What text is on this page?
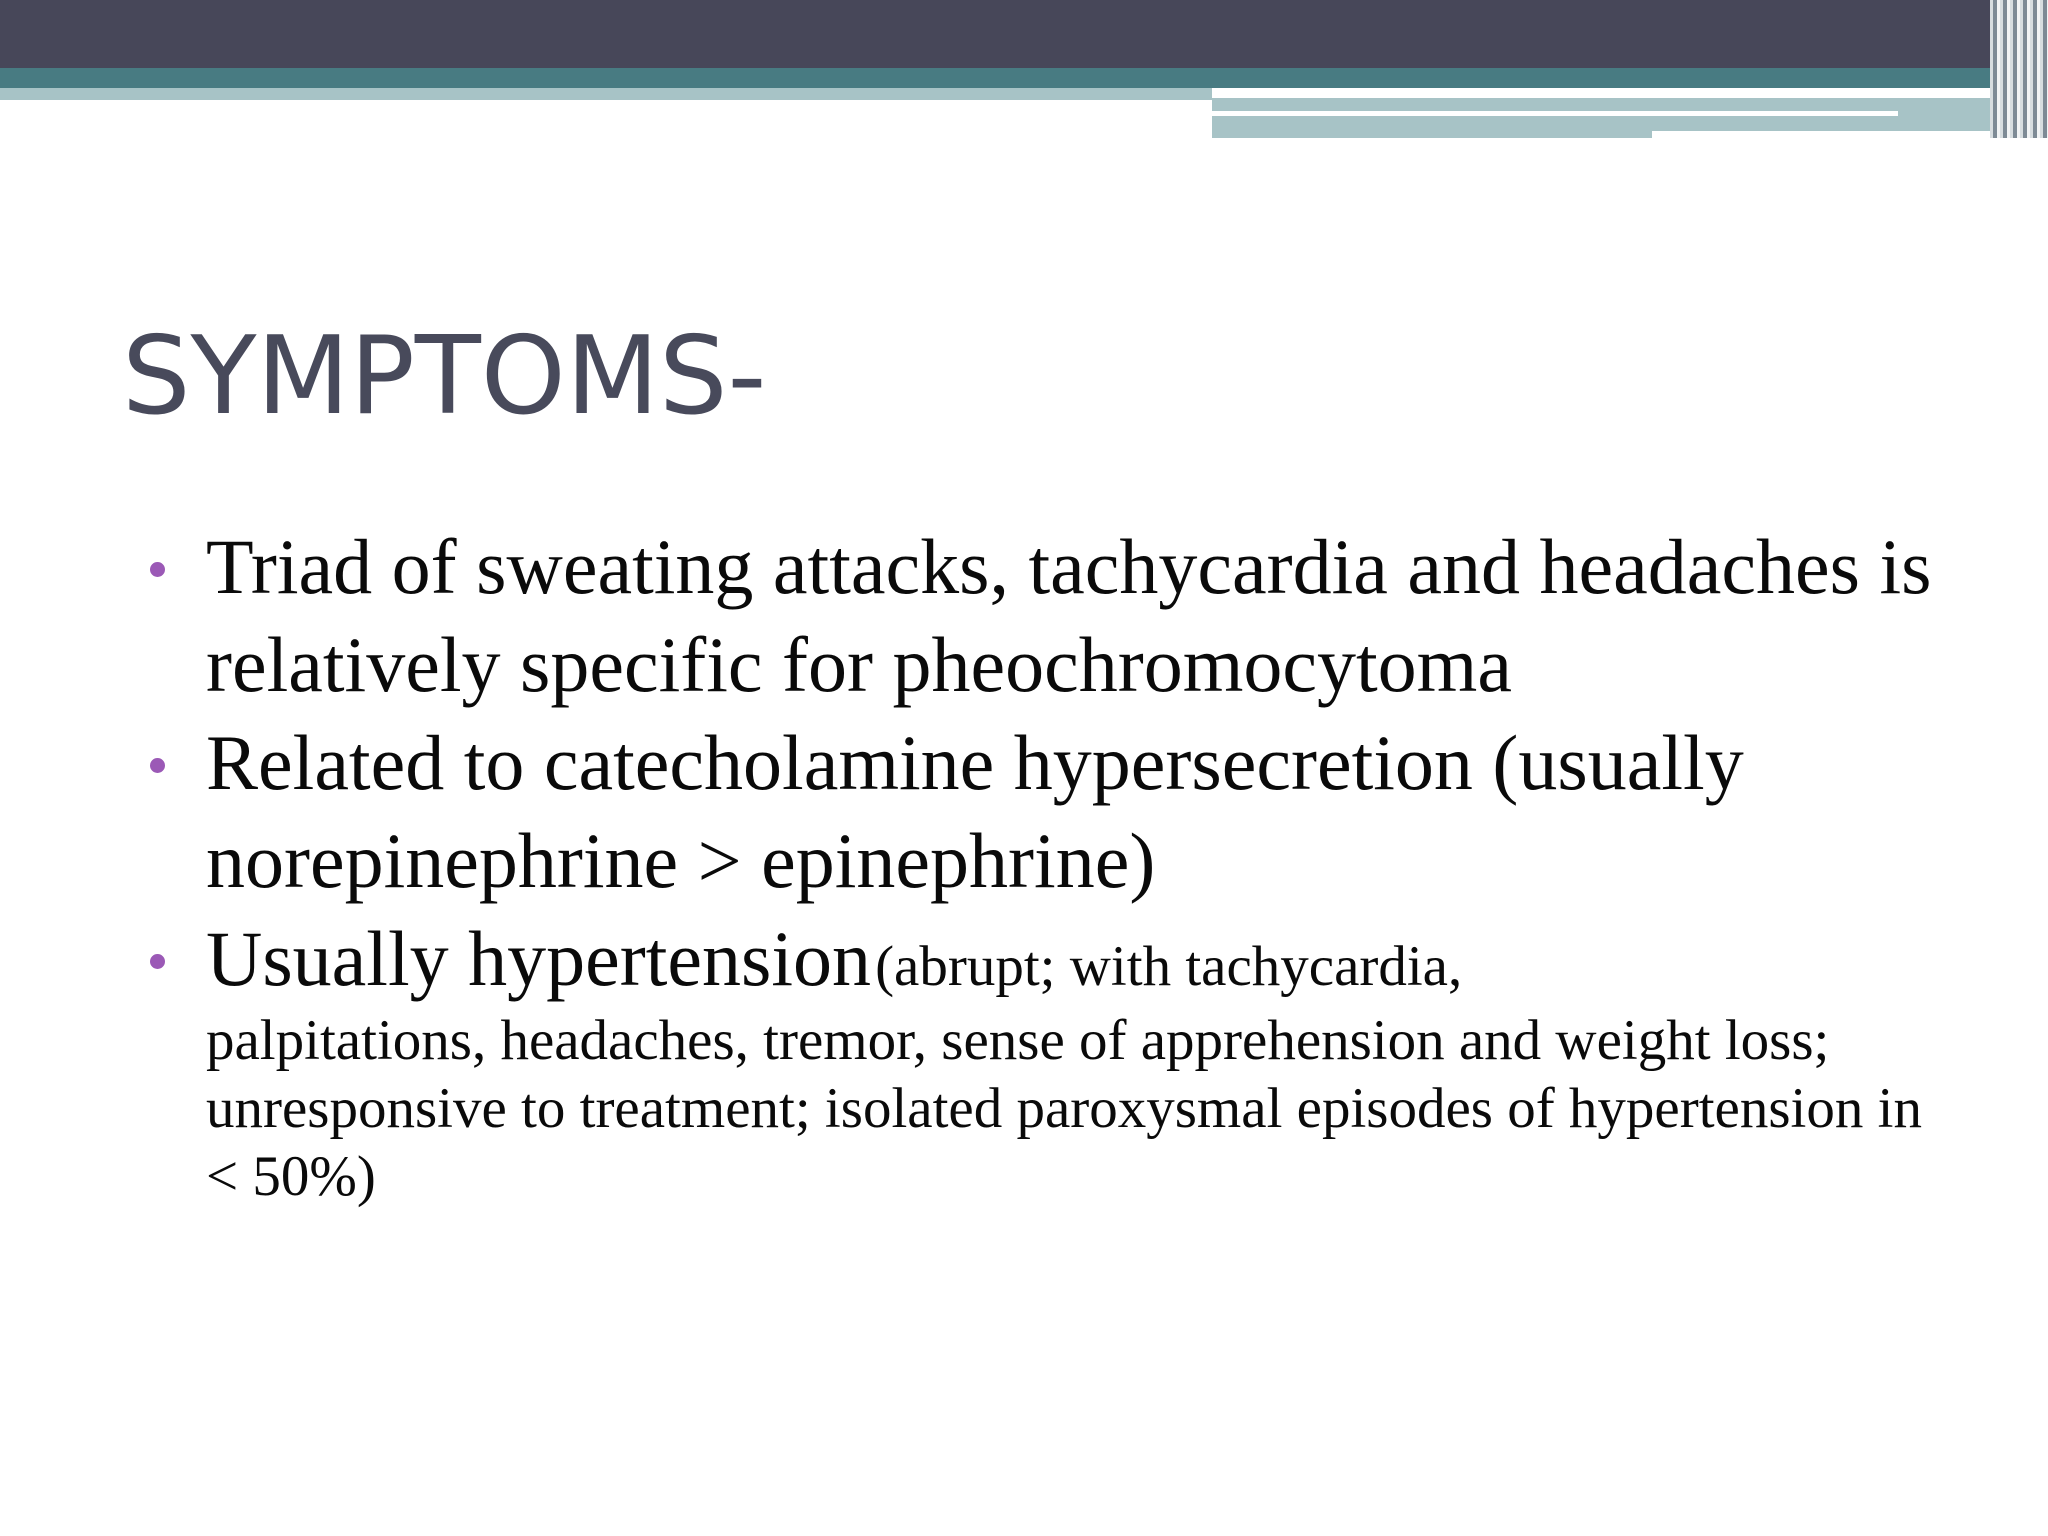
SYMPTOMS-
Triad of sweating attacks, tachycardia and headaches is relatively specific for pheochromocytoma
Related to catecholamine hypersecretion (usually norepinephrine > epinephrine)
Usually hypertension (abrupt; with tachycardia,
palpitations, headaches, tremor, sense of apprehension and weight loss; unresponsive to treatment; isolated paroxysmal episodes of hypertension in < 50%)
